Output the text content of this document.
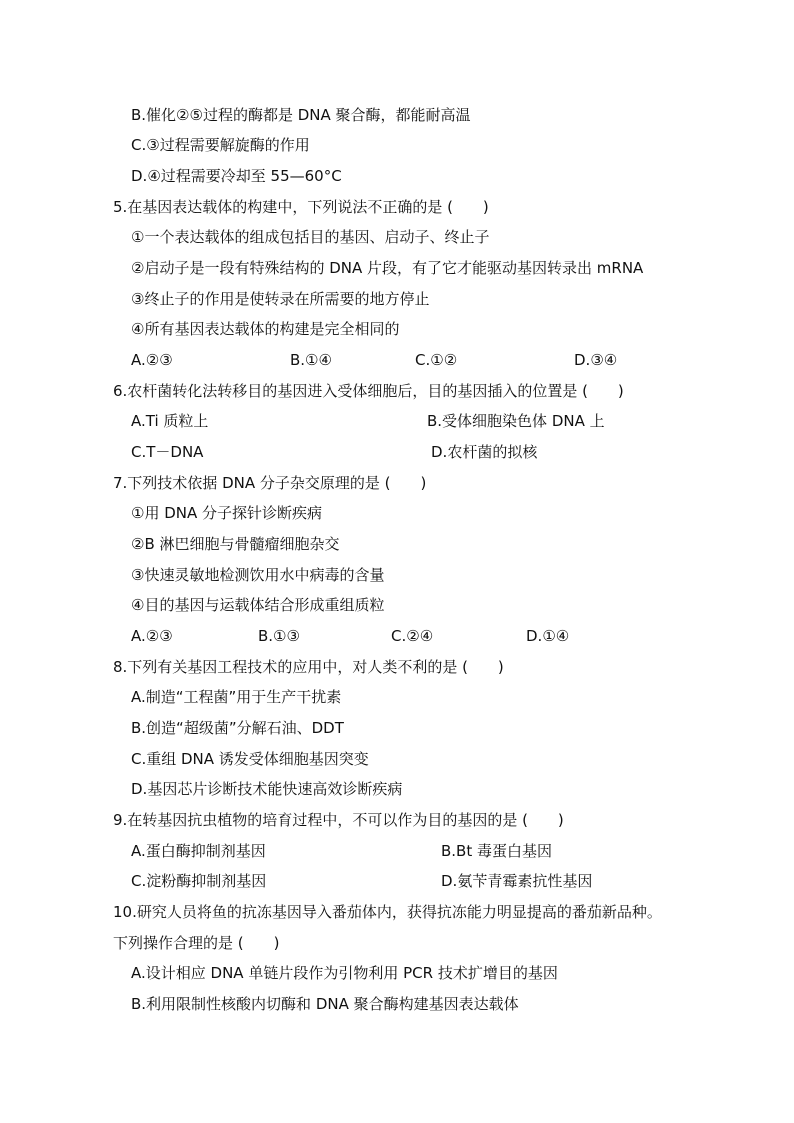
B.催化②⑤过程的酶都是 DNA 聚合酶，都能耐高温
C.③过程需要解旋酶的作用
D.④过程需要冷却至 55—60°C
5.在基因表达载体的构建中，下列说法不正确的是 (　　)
①一个表达载体的组成包括目的基因、启动子、终止子
②启动子是一段有特殊结构的 DNA 片段，有了它才能驱动基因转录出 mRNA
③终止子的作用是使转录在所需要的地方停止
④所有基因表达载体的构建是完全相同的
A.②③	B.①④	C.①②	D.③④
6.农杆菌转化法转移目的基因进入受体细胞后，目的基因插入的位置是 (　　)
A.Ti 质粒上	B.受体细胞染色体 DNA 上
C.T－DNA	D.农杆菌的拟核
7.下列技术依据 DNA 分子杂交原理的是 (　　)
①用 DNA 分子探针诊断疾病
②B 淋巴细胞与骨髓瘤细胞杂交
③快速灵敏地检测饮用水中病毒的含量
④目的基因与运载体结合形成重组质粒
A.②③	B.①③	C.②④	D.①④
8.下列有关基因工程技术的应用中，对人类不利的是 (　　)
A.制造“工程菌”用于生产干扰素
B.创造“超级菌”分解石油、DDT
C.重组 DNA 诱发受体细胞基因突变
D.基因芯片诊断技术能快速高效诊断疾病
9.在转基因抗虫植物的培育过程中，不可以作为目的基因的是 (　　)
A.蛋白酶抑制剂基因	B.Bt 毒蛋白基因
C.淀粉酶抑制剂基因	D.氨苄青霉素抗性基因
10.研究人员将鱼的抗冻基因导入番茄体内，获得抗冻能力明显提高的番茄新品种。
下列操作合理的是 (　　)
A.设计相应 DNA 单链片段作为引物利用 PCR 技术扩增目的基因
B.利用限制性核酸内切酶和 DNA 聚合酶构建基因表达载体
